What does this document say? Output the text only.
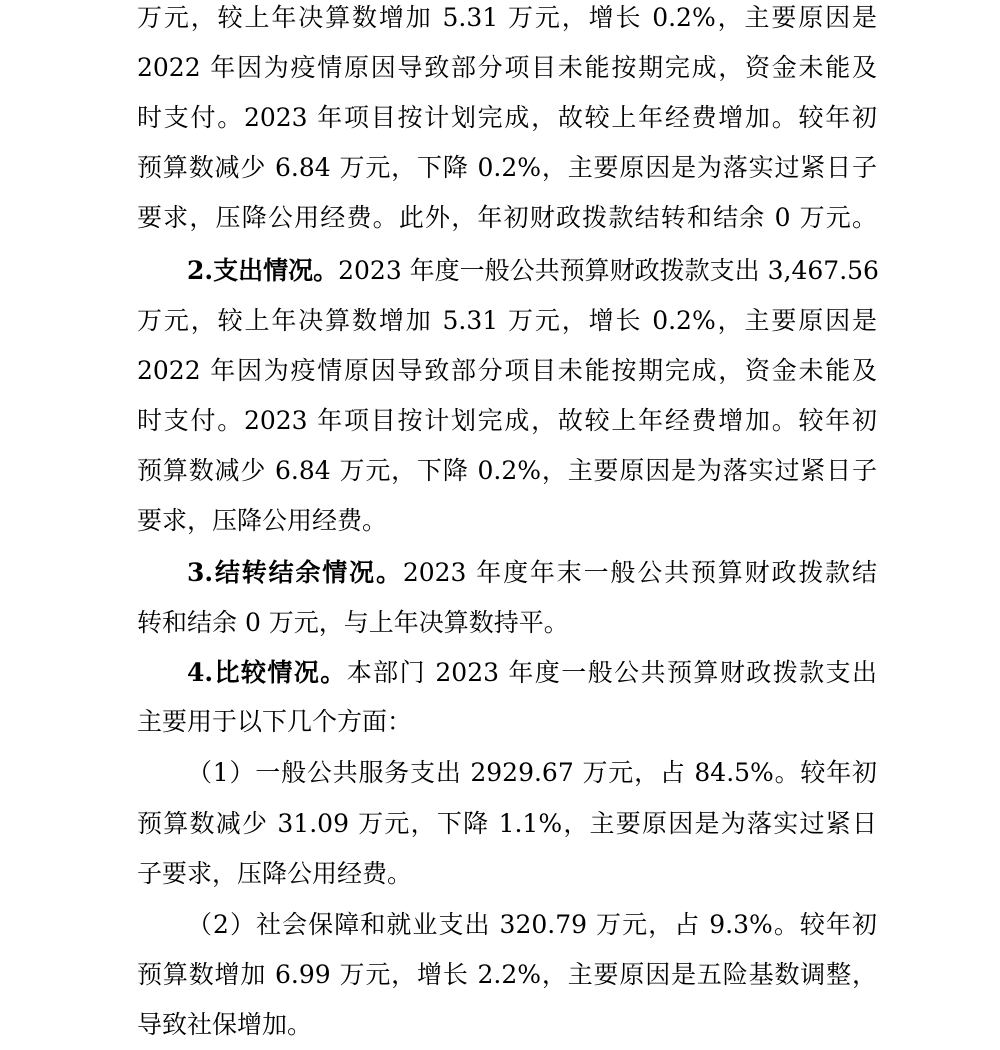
万元，较上年决算数增加 5.31 万元，增长 0.2%，主要原因是
2022 年因为疫情原因导致部分项目未能按期完成，资金未能及
时支付。2023 年项目按计划完成，故较上年经费增加。较年初
预算数减少 6.84 万元，下降 0.2%，主要原因是为落实过紧日子
要求，压降公用经费。此外，年初财政拨款结转和结余 0 万元。
2.支出情况。2023 年度一般公共预算财政拨款支出 3,467.56
万元，较上年决算数增加 5.31 万元，增长 0.2%，主要原因是
2022 年因为疫情原因导致部分项目未能按期完成，资金未能及
时支付。2023 年项目按计划完成，故较上年经费增加。较年初
预算数减少 6.84 万元，下降 0.2%，主要原因是为落实过紧日子
要求，压降公用经费。
3.结转结余情况。2023 年度年末一般公共预算财政拨款结
转和结余 0 万元，与上年决算数持平。
4.比较情况。本部门 2023 年度一般公共预算财政拨款支出
主要用于以下几个方面：
（1）一般公共服务支出 2929.67 万元，占 84.5%。较年初
预算数减少 31.09 万元，下降 1.1%，主要原因是为落实过紧日
子要求，压降公用经费。
（2）社会保障和就业支出 320.79 万元，占 9.3%。较年初
预算数增加 6.99 万元，增长 2.2%，主要原因是五险基数调整，
导致社保增加。
